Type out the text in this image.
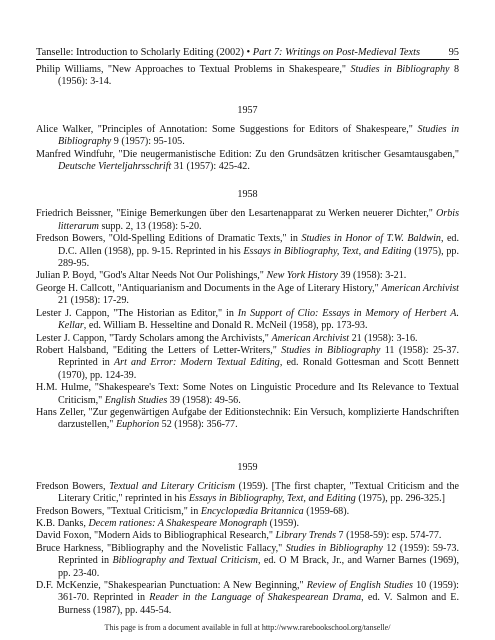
Tanselle: Introduction to Scholarly Editing (2002) • Part 7: Writings on Post-Medieval Texts	95

Philip Williams, "New Approaches to Textual Problems in Shakespeare," Studies in Bibliography 8 (1956): 3-14.

1957

Alice Walker, "Principles of Annotation: Some Suggestions for Editors of Shakespeare," Studies in Bibliography 9 (1957): 95-105.

Manfred Windfuhr, "Die neugermanistische Edition: Zu den Grundsätzen kritischer Gesamtausgaben," Deutsche Vierteljahrsschrift 31 (1957): 425-42.

1958

Friedrich Beissner, "Einige Bemerkungen über den Lesartenapparat zu Werken neuerer Dichter," Orbis litterarum supp. 2, 13 (1958): 5-20.

Fredson Bowers, "Old-Spelling Editions of Dramatic Texts," in Studies in Honor of T.W. Baldwin, ed. D.C. Allen (1958), pp. 9-15. Reprinted in his Essays in Bibliography, Text, and Editing (1975), pp. 289-95.

Julian P. Boyd, "God's Altar Needs Not Our Polishings," New York History 39 (1958): 3-21.

George H. Callcott, "Antiquarianism and Documents in the Age of Literary History," American Archivist 21 (1958): 17-29.

Lester J. Cappon, "The Historian as Editor," in In Support of Clio: Essays in Memory of Herbert A. Kellar, ed. William B. Hesseltine and Donald R. McNeil (1958), pp. 173-93.

Lester J. Cappon, "Tardy Scholars among the Archivists," American Archivist 21 (1958): 3-16.

Robert Halsband, "Editing the Letters of Letter-Writers," Studies in Bibliography 11 (1958): 25-37. Reprinted in Art and Error: Modern Textual Editing, ed. Ronald Gottesman and Scott Bennett (1970), pp. 124-39.

H.M. Hulme, "Shakespeare's Text: Some Notes on Linguistic Procedure and Its Relevance to Textual Criticism," English Studies 39 (1958): 49-56.

Hans Zeller, "Zur gegenwärtigen Aufgabe der Editionstechnik: Ein Versuch, komplizierte Handschriften darzustellen," Euphorion 52 (1958): 356-77.

1959

Fredson Bowers, Textual and Literary Criticism (1959). [The first chapter, "Textual Criticism and the Literary Critic," reprinted in his Essays in Bibliography, Text, and Editing (1975), pp. 296-325.]

Fredson Bowers, "Textual Criticism," in Encyclopædia Britannica (1959-68).

K.B. Danks, Decem rationes: A Shakespeare Monograph (1959).

David Foxon, "Modern Aids to Bibliographical Research," Library Trends 7 (1958-59): esp. 574-77.

Bruce Harkness, "Bibliography and the Novelistic Fallacy," Studies in Bibliography 12 (1959): 59-73. Reprinted in Bibliography and Textual Criticism, ed. O M Brack, Jr., and Warner Barnes (1969), pp. 23-40.

D.F. McKenzie, "Shakespearian Punctuation: A New Beginning," Review of English Studies 10 (1959): 361-70. Reprinted in Reader in the Language of Shakespearean Drama, ed. V. Salmon and E. Burness (1987), pp. 445-54.

This page is from a document available in full at http://www.rarebookschool.org/tanselle/
